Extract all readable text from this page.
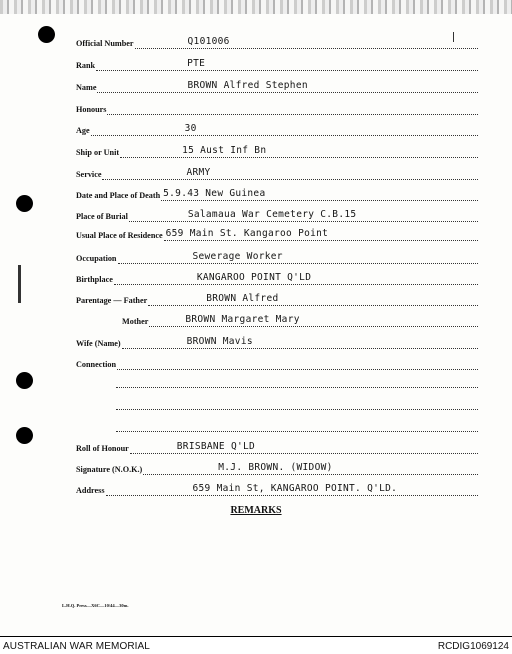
Official Number	Q101006
Rank	PTE
Name	BROWN Alfred Stephen
Honours
Age	30
Ship or Unit	15 Aust Inf Bn
Service	ARMY
Date and Place of Death 5.9.43 New Guinea
Place of Burial	Salamaua War Cemetery C.B.15
Usual Place of Residence 659 Main St. Kangaroo Point
Occupation	Sewerage Worker
Birthplace	KANGAROO POINT Q'LD
Parentage — Father	BROWN Alfred
Mother	BROWN Margaret Mary
Wife (Name)	BROWN Mavis
Connection
Roll of Honour	BRISBANE Q'LD
Signature (N.O.K.)	M.J. BROWN. (WIDOW)
Address	659 Main St, KANGAROO POINT. Q'LD.
REMARKS
L.H.Q. Press—X6C—10/44—30m.
AUSTRALIAN WAR MEMORIAL	RCDIG1069124
